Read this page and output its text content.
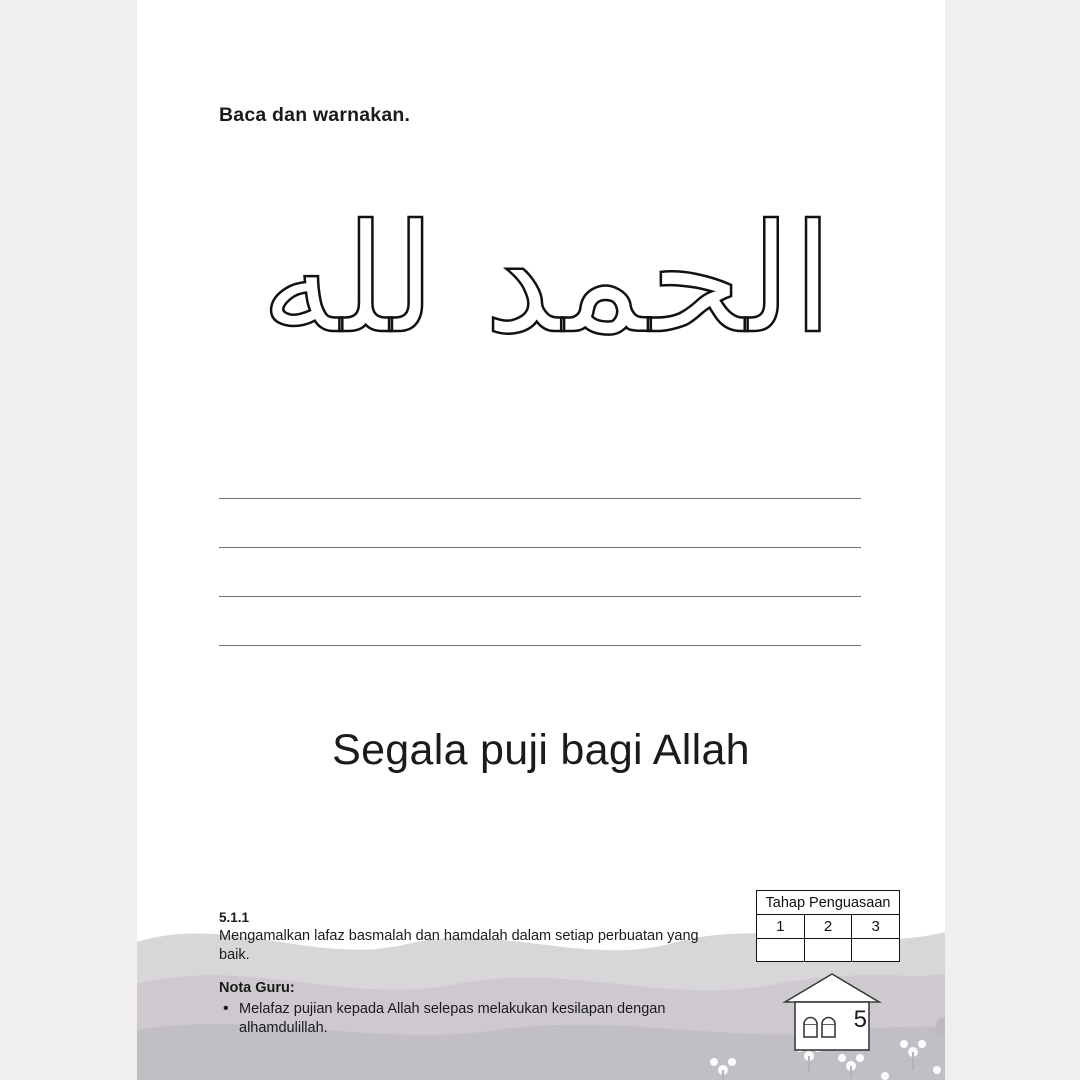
Baca dan warnakan.
الحمد لله
Segala puji bagi Allah
5.1.1
Mengamalkan lafaz basmalah dan hamdalah dalam setiap perbuatan yang baik.
Nota Guru:
• Melafaz pujian kepada Allah selepas melakukan kesilapan dengan alhamdulillah.
Tahap Penguasaan
1	2	3
5
